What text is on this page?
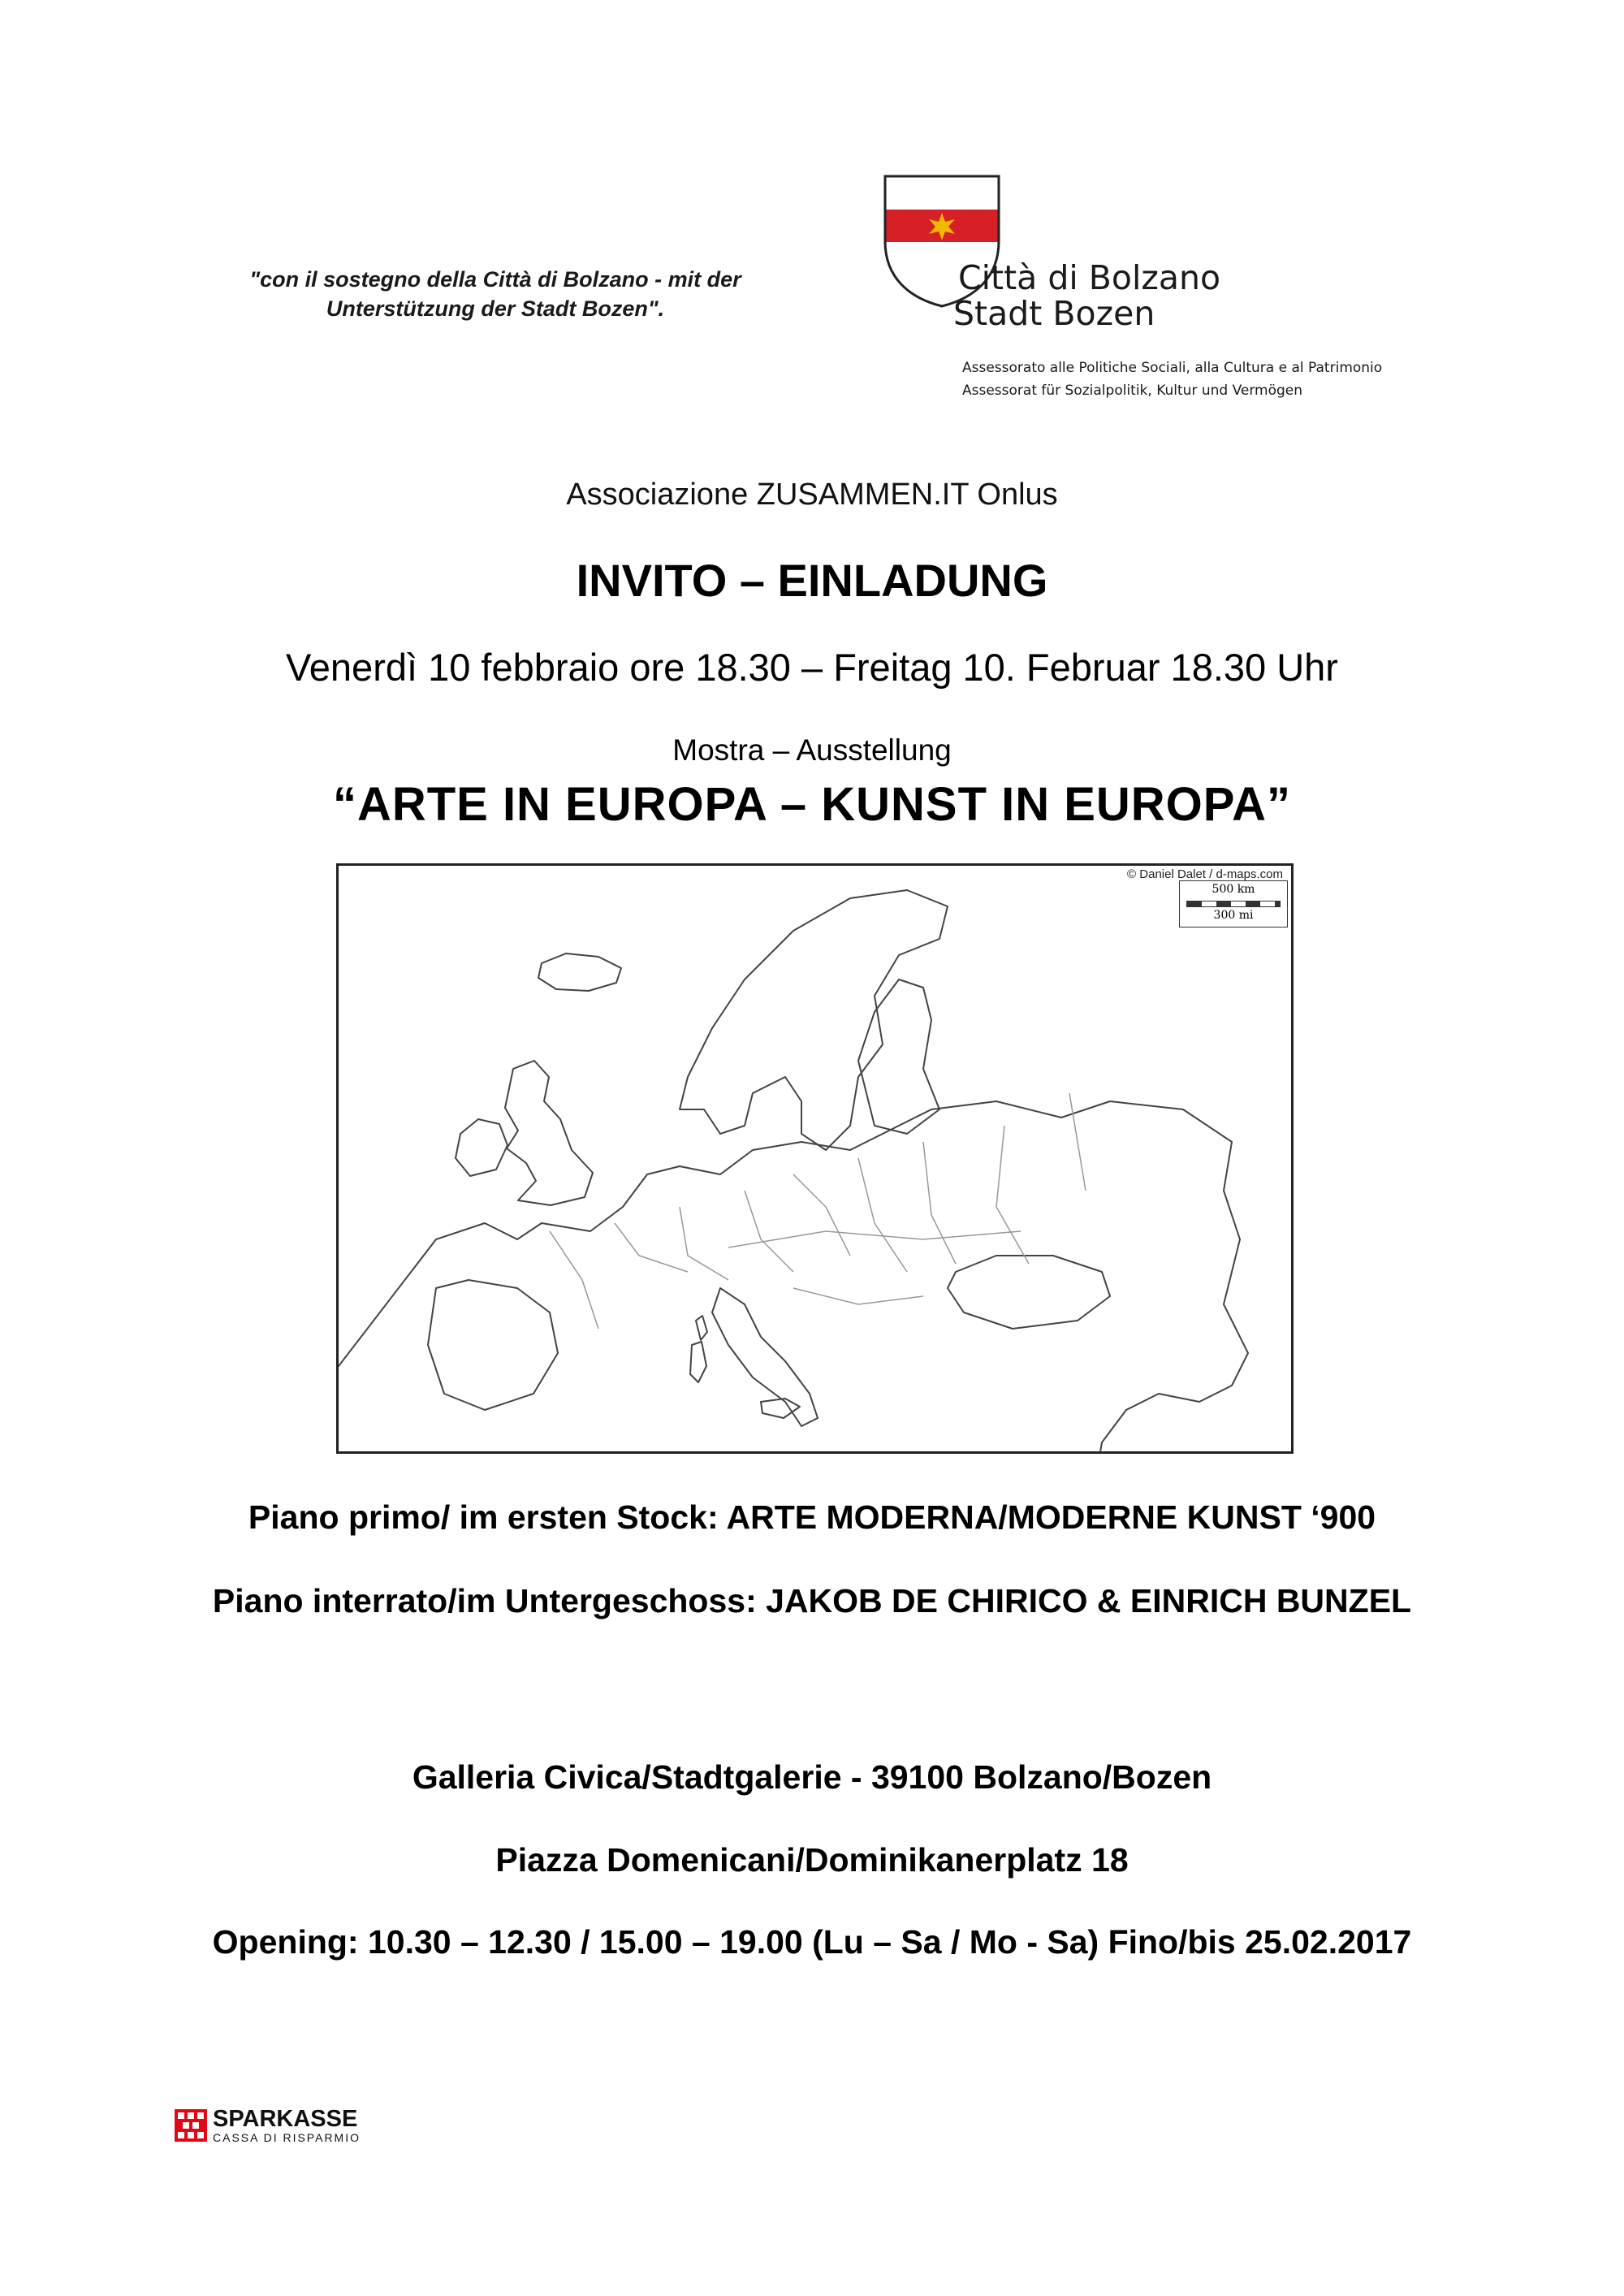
"con il sostegno della Città di Bolzano - mit der
Unterstützung der Stadt Bozen".
Città di Bolzano
Stadt Bozen
Assessorato alle Politiche Sociali, alla Cultura e al Patrimonio
Assessorat für Sozialpolitik, Kultur und Vermögen
Associazione ZUSAMMEN.IT Onlus
INVITO – EINLADUNG
Venerdì 10 febbraio ore 18.30 – Freitag 10. Februar 18.30 Uhr
Mostra – Ausstellung
“ARTE IN EUROPA – KUNST IN EUROPA”
© Daniel Dalet / d-maps.com
500 km
300 mi
Piano primo/ im ersten Stock: ARTE MODERNA/MODERNE KUNST ‘900
Piano interrato/im Untergeschoss: JAKOB DE CHIRICO & EINRICH BUNZEL
Galleria Civica/Stadtgalerie - 39100 Bolzano/Bozen
Piazza Domenicani/Dominikanerplatz 18
Opening: 10.30 – 12.30 / 15.00 – 19.00 (Lu – Sa / Mo - Sa) Fino/bis 25.02.2017
SPARKASSE
CASSA DI RISPARMIO
